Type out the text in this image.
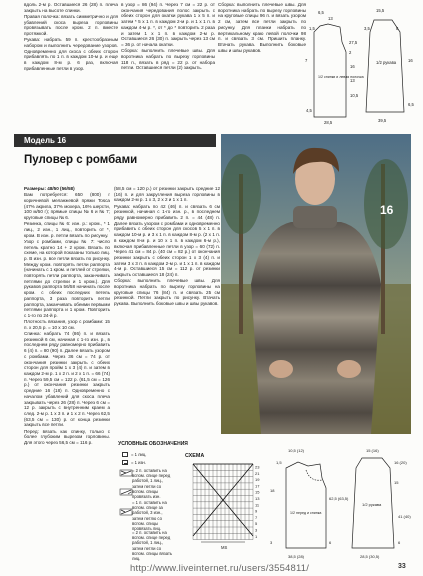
вдоль 2-м р. Оставшиеся 26 (28) п. плеча закрыть на высоте спинки.

Правая полочка: вязать симметрично и для убавлений скоса выреза горловины провязывать после кром. 2 п. вместе протяжкой.

Рукава: набрать 59 п. крестообразным набором и выполнить чередование узоров. Одновременно для скоса с обеих сторон прибавлять по 1 п. в каждом 10-м р. и еще в каждом 8-м р. 6 раз, включая прибавленные петли в узор.

в узор = 86 (94) п. Через 7 см = 22 р. от окончания чередования полос закрыть с обеих сторон для окатки рукава 1 х 5 п. и затем * 5 х 1 п. в каждом 2-м р. и 1 х 1 п. в каждом 4-м р. *, от * до * повторить 2 раза и затем 1 х 1 п. в каждом 2-м р. Оставшиеся 26 (30) п. закрыть через 13 см = 36 р. от начала окатки.

Сборка: выполнить плечевые швы. Для воротника набрать по вырезу горловины 118 п., вязать в ряд = 22 р. от набора петли. Оставшиеся петли (2) закрыть.

Сборка: выполнить плечевые швы. Для воротника набрать по вырезу горловины на круговые спицы 96 п. и вязать узором 2 см, затем все петли закрыть по рисунку. Для планки набрать по вертикальному краю левой полочки 98 п. и связать 3 см. Пришить планку. Втачать рукава. Выполнить боковые швы и швы рукавов.

6,5
13
1,5
27,5
2
7
1/2 спинки и левая полочка
4,5
28,5
15,5
8
3,5
1/2 рукава	16
6,5
39,5
16
13
10,5
Модель 16
Пуловер с ромбами

Размеры: 48/50 (56/58)

Вам потребуется: 650 (800) г коричневой меланжевой пряжи Tosca (47% акрила, 37% мохера, 16% шерсти, 100 м/50 г); прямые спицы № 6 и № 7; круговые спицы № 6.

Резинка, спицы № 6: изн. р.: кром., * 1 лиц., 2 изн., 1 лиц., повторить от *, кром. В изн. р. петли вязать по рисунку.

Узор с ромбами, спицы № 7: число петель кратно 14 + 2 кром. Вязать по схеме, на которой показаны только лиц. р. В изн. р. все петли вязать по рисунку. Между кром. повторять петли раппорта (начинать с 1 кром. и петлей от стрелки, повторять петли раппорта, заканчивать петлями до стрелки и 1 кром.). Для рукавов раппорта 56/58 начинать после кром. с обеих последних петель раппорта, 3 раза повторить петли раппорта, заканчивать обеими первыми петлями раппорта и 1 кром. Повторить с 1-го по 24-й р.

Плотность вязания, узор с ромбами: 15 п. x 20,5 р. = 10 x 10 см.

Спинка: набрать 74 (86) п. и вязать резинкой 6 см, начиная с 1-го изн. р., в последнем ряду равномерно прибавить 6 (4) п. = 80 (90) п. Далее вязать узором с ромбами. Через 36 см = 74 р. от окончания резинки закрыть с обеих сторон для пройм 1 х 3 (4) п. и затем в каждом 2-м р. 1 х 2 п. и 2 х 1 п. = 66 (74) п. Через 59,5 см = 122 р. (61,5 см = 126 р.) от окончания резинки закрыть средние 16 (18) п. Одновременно с началом убавлений для скоса плеча закрывать через 26 (28) п. Через 6 см = 12 р. закрыть с внутренним краем а след. 2-м р. 1 х 3 п. и 1 х 2 п. Через 62,5 (63,5 см = 130) р. от конца резинки закрыть все петли.

Перед: вязать как спинку, только с более глубоким вырезом горловины. Для этого через 56,5 см = 116 р.

(58,5 см = 120 р.) от резинки закрыть средние 12 (16) п. и для закругления выреза горловины в каждом 2-м р. 1 x 3, 2 x 2 и 1 x 1 п.

Рукава: набрать по 42 (46) п. и связать 6 см резинкой, начиная с 1-го изн. р., в последнем ряду равномерно прибавить 2 п. = 44 (48) п. Далее вязать узором с ромбами и одновременно прибавить с обеих сторон для скосов 5 x 1 п. в каждом 10-м р. и 3 x 1 п. в каждом 8-м р. (2 x 1 п. в каждом 8-м р. и 10 x 1 п. в каждом 6-м р.), включая прибавленные петли в узор = 60 (72) п. Через 41 см = 84 р. (40 см = 82 р.) от окончания резинки закрыть с обеих сторон 1 x 3 (4) п. и затем 3 x 3 п. в каждом 2-м р. и 1 x 1 п. в каждом 4-м р. Оставшиеся 15 см = 112 р. от резинки закрыть оставшиеся 18 (24) п.

Сборка: выполнить плечевые швы. Для воротника набрать по вырезу горловины на круговые спицы 76 (84) п. и связать 25 см резинкой. Петли закрыть по рисунку. Втачать рукава. Выполнить боковые швы и швы рукавов.

16
УСЛОВНЫЕ ОБОЗНАЧЕНИЯ
= 1 лиц.
= 1 изн.
= 2 п. оставить на вспом. спице перед работой, 1 лиц., затем петли со вспом. спицы провязать изн.
= 1 п. оставить на вспом. спице за работой, 3 изн., затем петлю со вспом. спицы провязать лиц.
= 2 п. оставить на вспом. спице перед работой, 1 лиц., затем петли со вспом. спицы вязать лиц.
СХЕМА
23
21
19
17
15
13
11
9
7
5
3
1
MS
10,5 (12)
1,5
18
1/2 перед и спинка
38,5 (28)
3
62,5 (63,5)
6
15
15 (16)
16 (20)
1/2 рукава
41 (40)
6
28,5 (30,5)
http://www.liveinternet.ru/users/3554811/	33
